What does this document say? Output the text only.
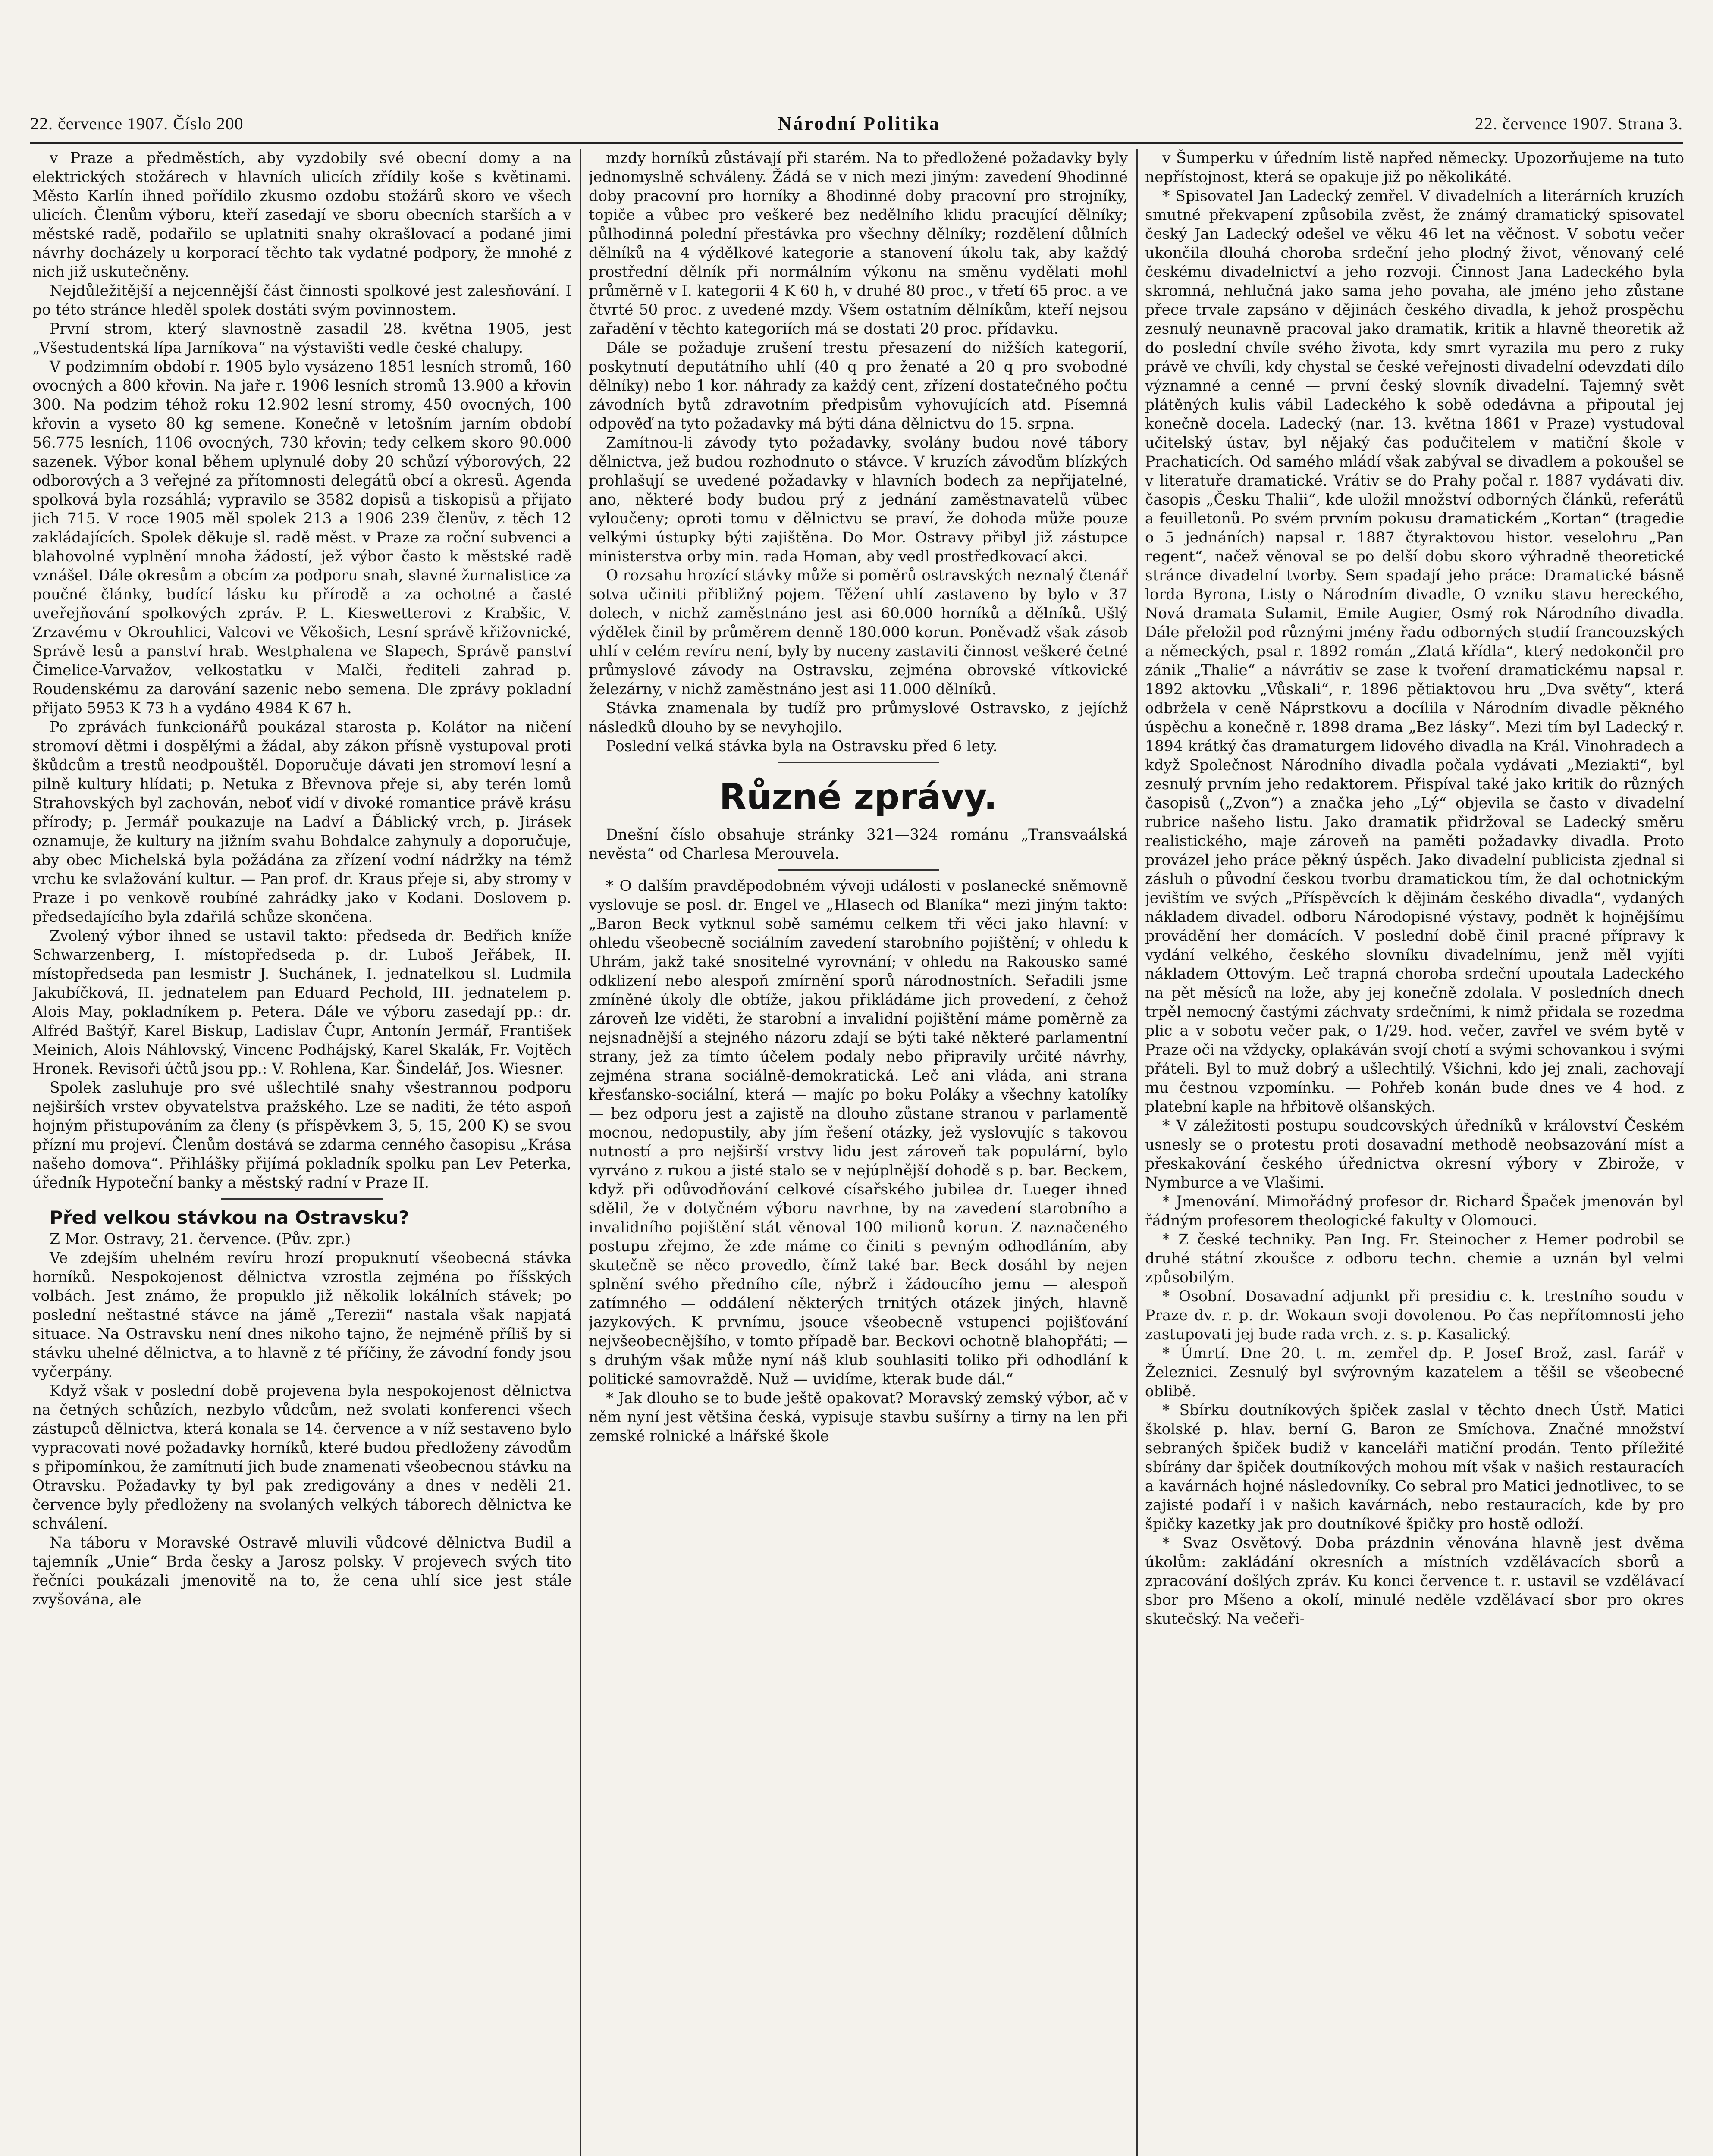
22. července 1907. Číslo 200	Národní Politika	22. července 1907. Strana 3.

v Praze a předměstích, aby vyzdobily své obecní domy a na elektrických stožárech v hlavních ulicích zřídily koše s květinami. Město Karlín ihned pořídilo zkusmo ozdobu stožárů skoro ve všech ulicích. Členům výboru, kteří zasedají ve sboru obecních starších a v městské radě, podařilo se uplatniti snahy okrašlovací a podané jimi návrhy docházely u korporací těchto tak vydatné podpory, že mnohé z nich již uskutečněny.

Nejdůležitější a nejcennější část činnosti spolkové jest zalesňování. I po této stránce hleděl spolek dostáti svým povinnostem.

První strom, který slavnostně zasadil 28. května 1905, jest „Všestudentská lípa Jarníkova“ na výstavišti vedle české chalupy.

V podzimním období r. 1905 bylo vysázeno 1851 lesních stromů, 160 ovocných a 800 křovin. Na jaře r. 1906 lesních stromů 13.900 a křovin 300. Na podzim téhož roku 12.902 lesní stromy, 450 ovocných, 100 křovin a vyseto 80 kg semene. Konečně v letošním jarním období 56.775 lesních, 1106 ovocných, 730 křovin; tedy celkem skoro 90.000 sazenek. Výbor konal během uplynulé doby 20 schůzí výborových, 22 odborových a 3 veřejné za přítomnosti delegátů obcí a okresů. Agenda spolková byla rozsáhlá; vypravilo se 3582 dopisů a tiskopisů a přijato jich 715. V roce 1905 měl spolek 213 a 1906 239 členův, z těch 12 zakládajících. Spolek děkuje sl. radě měst. v Praze za roční subvenci a blahovolné vyplnění mnoha žádostí, jež výbor často k městské radě vznášel. Dále okresům a obcím za podporu snah, slavné žurnalistice za poučné články, budící lásku ku přírodě a za ochotné a časté uveřejňování spolkových zpráv. P. L. Kieswetterovi z Krabšic, V. Zrzavému v Okrouhlici, Valcovi ve Věkošich, Lesní správě křižovnické, Správě lesů a panství hrab. Westphalena ve Slapech, Správě panství Čimelice-Varvažov, velkostatku v Malči, řediteli zahrad p. Roudenskému za darování sazenic nebo semena. Dle zprávy pokladní přijato 5953 K 73 h a vydáno 4984 K 67 h.

Po zprávách funkcionářů poukázal starosta p. Kolátor na ničení stromoví dětmi i dospělými a žádal, aby zákon přísně vystupoval proti škůdcům a trestů neodpouštěl. Doporučuje dávati jen stromoví lesní a pilně kultury hlídati; p. Netuka z Břevnova přeje si, aby terén lomů Strahovských byl zachován, neboť vidí v divoké romantice právě krásu přírody; p. Jermář poukazuje na Ladví a Ďáblický vrch, p. Jirásek oznamuje, že kultury na jižním svahu Bohdalce zahynuly a doporučuje, aby obec Michelská byla požádána za zřízení vodní nádržky na témž vrchu ke svlažování kultur. — Pan prof. dr. Kraus přeje si, aby stromy v Praze i po venkově roubíné zahrádky jako v Kodani. Doslovem p. předsedajícího byla zdařilá schůze skončena.

Zvolený výbor ihned se ustavil takto: předseda dr. Bedřich kníže Schwarzenberg, I. místopředseda p. dr. Luboš Jeřábek, II. místopředseda pan lesmistr J. Suchánek, I. jednatelkou sl. Ludmila Jakubíčková, II. jednatelem pan Eduard Pechold, III. jednatelem p. Alois May, pokladníkem p. Petera. Dále ve výboru zasedají pp.: dr. Alfréd Baštýř, Karel Biskup, Ladislav Čupr, Antonín Jermář, František Meinich, Alois Náhlovský, Vincenc Podhájský, Karel Skalák, Fr. Vojtěch Hronek. Revisoři účtů jsou pp.: V. Rohlena, Kar. Šindelář, Jos. Wiesner.

Spolek zasluhuje pro své ušlechtilé snahy všestrannou podporu nejširších vrstev obyvatelstva pražského. Lze se naditi, že této aspoň hojným přistupováním za členy (s příspěvkem 3, 5, 15, 200 K) se svou přízní mu projeví. Členům dostává se zdarma cenného časopisu „Krása našeho domova“. Přihlášky přijímá pokladník spolku pan Lev Peterka, úředník Hypoteční banky a městský radní v Praze II.

Před velkou stávkou na Ostravsku?

Z Mor. Ostravy, 21. července. (Pův. zpr.)

Ve zdejším uhelném revíru hrozí propuknutí všeobecná stávka horníků. Nespokojenost dělnictva vzrostla zejména po říšských volbách. Jest známo, že propuklo již několik lokálních stávek; po poslední neštastné stávce na jámě „Terezii“ nastala však napjatá situace. Na Ostravsku není dnes nikoho tajno, že nejméně příliš by si stávku uhelné dělnictva, a to hlavně z té příčiny, že závodní fondy jsou vyčerpány.

Když však v poslední době projevena byla nespokojenost dělnictva na četných schůzích, nezbylo vůdcům, než svolati konferenci všech zástupců dělnictva, která konala se 14. července a v níž sestaveno bylo vypracovati nové požadavky horníků, které budou předloženy závodům s připomínkou, že zamítnutí jich bude znamenati všeobecnou stávku na Otravsku. Požadavky ty byl pak zredigovány a dnes v neděli 21. července byly předloženy na svolaných velkých táborech dělnictva ke schválení.

Na táboru v Moravské Ostravě mluvili vůdcové dělnictva Budil a tajemník „Unie“ Brda česky a Jarosz polsky. V projevech svých tito řečníci poukázali jmenovitě na to, že cena uhlí sice jest stále zvyšována, ale

mzdy horníků zůstávají při starém. Na to předložené požadavky byly jednomyslně schváleny. Žádá se v nich mezi jiným: zavedení 9hodinné doby pracovní pro horníky a 8hodinné doby pracovní pro strojníky, topiče a vůbec pro veškeré bez nedělního klidu pracující dělníky; půlhodinná polední přestávka pro všechny dělníky; rozdělení důlních dělníků na 4 výdělkové kategorie a stanovení úkolu tak, aby každý prostřední dělník při normálním výkonu na směnu vydělati mohl průměrně v I. kategorii 4 K 60 h, v druhé 80 proc., v třetí 65 proc. a ve čtvrté 50 proc. z uvedené mzdy. Všem ostatním dělníkům, kteří nejsou zařadění v těchto kategoriích má se dostati 20 proc. přídavku.

Dále se požaduje zrušení trestu přesazení do nižších kategorií, poskytnutí deputátního uhlí (40 q pro ženaté a 20 q pro svobodné dělníky) nebo 1 kor. náhrady za každý cent, zřízení dostatečného počtu závodních bytů zdravotním předpisům vyhovujících atd. Písemná odpověď na tyto požadavky má býti dána dělnictvu do 15. srpna.

Zamítnou-li závody tyto požadavky, svolány budou nové tábory dělnictva, jež budou rozhodnuto o stávce. V kruzích závodům blízkých prohlašují se uvedené požadavky v hlavních bodech za nepřijatelné, ano, některé body budou prý z jednání zaměstnavatelů vůbec vyloučeny; oproti tomu v dělnictvu se praví, že dohoda může pouze velkými ústupky býti zajištěna. Do Mor. Ostravy přibyl již zástupce ministerstva orby min. rada Homan, aby vedl prostředkovací akci.

O rozsahu hrozící stávky může si poměrů ostravských neznalý čtenář sotva učiniti přibližný pojem. Těžení uhlí zastaveno by bylo v 37 dolech, v nichž zaměstnáno jest asi 60.000 horníků a dělníků. Ušlý výdělek činil by průměrem denně 180.000 korun. Poněvadž však zásob uhlí v celém revíru není, byly by nuceny zastaviti činnost veškeré četné průmyslové závody na Ostravsku, zejména obrovské vítkovické železárny, v nichž zaměstnáno jest asi 11.000 dělníků.

Stávka znamenala by tudíž pro průmyslové Ostravsko, z jejíchž následků dlouho by se nevyhojilo.

Poslední velká stávka byla na Ostravsku před 6 lety.

Různé zprávy.

Dnešní číslo obsahuje stránky 321—324 románu „Transvaálská nevěsta“ od Charlesa Merouvela.

* O dalším pravděpodobném vývoji události v poslanecké sněmovně vyslovuje se posl. dr. Engel ve „Hlasech od Blaníka“ mezi jiným takto: „Baron Beck vytknul sobě samému celkem tři věci jako hlavní: v ohledu všeobecně sociálním zavedení starobního pojištění; v ohledu k Uhrám, jakž také snositelné vyrovnání; v ohledu na Rakousko samé odklizení nebo alespoň zmírnění sporů národnostních. Seřadili jsme zmíněné úkoly dle obtíže, jakou přikládáme jich provedení, z čehož zároveň lze viděti, že starobní a invalidní pojištění máme poměrně za nejsnadnější a stejného názoru zdají se býti také některé parlamentní strany, jež za tímto účelem podaly nebo připravily určité návrhy, zejména strana sociálně-demokratická. Leč ani vláda, ani strana křesťansko-sociální, která — majíc po boku Poláky a všechny katolíky — bez odporu jest a zajistě na dlouho zůstane stranou v parlamentě mocnou, nedopustily, aby jím řešení otázky, jež vyslovujíc s takovou nutností a pro nejširší vrstvy lidu jest zároveň tak populární, bylo vyrváno z rukou a jisté stalo se v nejúplnější dohodě s p. bar. Beckem, když při odůvodňování celkové císařského jubilea dr. Lueger ihned sdělil, že v dotyčném výboru navrhne, by na zavedení starobního a invalidního pojištění stát věnoval 100 milionů korun. Z naznačeného postupu zřejmo, že zde máme co činiti s pevným odhodláním, aby skutečně se něco provedlo, čímž také bar. Beck dosáhl by nejen splnění svého předního cíle, nýbrž i žádoucího jemu — alespoň zatímného — oddálení některých trnitých otázek jiných, hlavně jazykových. K prvnímu, jsouce všeobecně vstupenci pojišťování nejvšeobecnějšího, v tomto případě bar. Beckovi ochotně blahopřáti; — s druhým však může nyní náš klub souhlasiti toliko při odhodlání k politické samovraždě. Nuž — uvidíme, kterak bude dál.“

* Jak dlouho se to bude ještě opakovat? Moravský zemský výbor, ač v něm nyní jest většina česká, vypisuje stavbu sušírny a tirny na len při zemské rolnické a lnářské škole

v Šumperku v úředním listě napřed německy. Upozorňujeme na tuto nepřístojnost, která se opakuje již po několikáté.

* Spisovatel Jan Ladecký zemřel. V divadelních a literárních kruzích smutné překvapení způsobila zvěst, že známý dramatický spisovatel český Jan Ladecký odešel ve věku 46 let na věčnost. V sobotu večer ukončila dlouhá choroba srdeční jeho plodný život, věnovaný celé českému divadelnictví a jeho rozvoji. Činnost Jana Ladeckého byla skromná, nehlučná jako sama jeho povaha, ale jméno jeho zůstane přece trvale zapsáno v dějinách českého divadla, k jehož prospěchu zesnulý neunavně pracoval jako dramatik, kritik a hlavně theoretik až do poslední chvíle svého života, kdy smrt vyrazila mu pero z ruky právě ve chvíli, kdy chystal se české veřejnosti divadelní odevzdati dílo významné a cenné — první český slovník divadelní. Tajemný svět plátěných kulis vábil Ladeckého k sobě odedávna a připoutal jej konečně docela. Ladecký (nar. 13. května 1861 v Praze) vystudoval učitelský ústav, byl nějaký čas podučitelem v matiční škole v Prachaticích. Od samého mládí však zabýval se divadlem a pokoušel se v literatuře dramatické. Vrátiv se do Prahy počal r. 1887 vydávati div. časopis „Česku Thalii“, kde uložil množství odborných článků, referátů a feuilletonů. Po svém prvním pokusu dramatickém „Kortan“ (tragedie o 5 jednáních) napsal r. 1887 čtyraktovou histor. veselohru „Pan regent“, načež věnoval se po delší dobu skoro výhradně theoretické stránce divadelní tvorby. Sem spadají jeho práce: Dramatické básně lorda Byrona, Listy o Národním divadle, O vzniku stavu hereckého, Nová dramata Sulamit, Emile Augier, Osmý rok Národního divadla. Dále přeložil pod různými jmény řadu odborných studií francouzských a německých, psal r. 1892 román „Zlatá křídla“, který nedokončil pro zánik „Thalie“ a návrátiv se zase k tvoření dramatickému napsal r. 1892 aktovku „Vůskali“, r. 1896 pětiaktovou hru „Dva světy“, která odbržela v ceně Náprstkovu a docílila v Národním divadle pěkného úspěchu a konečně r. 1898 drama „Bez lásky“. Mezi tím byl Ladecký r. 1894 krátký čas dramaturgem lidového divadla na Král. Vinohradech a když Společnost Národního divadla počala vydávati „Meziakti“, byl zesnulý prvním jeho redaktorem. Přispíval také jako kritik do různých časopisů („Zvon“) a značka jeho „Lý“ objevila se často v divadelní rubrice našeho listu. Jako dramatik přidržoval se Ladecký směru realistického, maje zároveň na paměti požadavky divadla. Proto provázel jeho práce pěkný úspěch. Jako divadelní publicista zjednal si zásluh o původní českou tvorbu dramatickou tím, že dal ochotnickým jevištím ve svých „Příspěvcích k dějinám českého divadla“, vydaných nákladem divadel. odboru Národopisné výstavy, podnět k hojnějšímu provádění her domácích. V poslední době činil pracné přípravy k vydání velkého, českého slovníku divadelnímu, jenž měl vyjíti nákladem Ottovým. Leč trapná choroba srdeční upoutala Ladeckého na pět měsíců na lože, aby jej konečně zdolala. V posledních dnech trpěl nemocný častými záchvaty srdečními, k nimž přidala se rozedma plic a v sobotu večer pak, o 1/29. hod. večer, zavřel ve svém bytě v Praze oči na vždycky, oplakáván svojí chotí a svými schovankou i svými přáteli. Byl to muž dobrý a ušlechtilý. Všichni, kdo jej znali, zachovají mu čestnou vzpomínku. — Pohřeb konán bude dnes ve 4 hod. z platební kaple na hřbitově olšanských.

* V záležitosti postupu soudcovských úředníků v království Českém usnesly se o protestu proti dosavadní methodě neobsazování míst a přeskakování českého úřednictva okresní výbory v Zbirože, v Nymburce a ve Vlašimi.

* Jmenování. Mimořádný profesor dr. Richard Špaček jmenován byl řádným profesorem theologické fakulty v Olomouci.

* Z české techniky. Pan Ing. Fr. Steinocher z Hemer podrobil se druhé státní zkoušce z odboru techn. chemie a uznán byl velmi způsobilým.

* Osobní. Dosavadní adjunkt při presidiu c. k. trestního soudu v Praze dv. r. p. dr. Wokaun svoji dovolenou. Po čas nepřítomnosti jeho zastupovati jej bude rada vrch. z. s. p. Kasalický.

* Úmrtí. Dne 20. t. m. zemřel dp. P. Josef Brož, zasl. farář v Železnici. Zesnulý byl svýrovným kazatelem a těšil se všeobecné oblibě.

* Sbírku doutníkových špiček zaslal v těchto dnech Ústř. Matici školské p. hlav. berní G. Baron ze Smíchova. Značné množství sebraných špiček budiž v kanceláři matiční prodán. Tento příležité sbírány dar špiček doutníkových mohou mít však v našich restauracích a kavárnách hojné následovníky. Co sebral pro Matici jednotlivec, to se zajisté podaří i v našich kavárnách, nebo restauracích, kde by pro špičky kazetky jak pro doutníkové špičky pro hostě odloží.

* Svaz Osvětový. Doba prázdnin věnována hlavně jest dvěma úkolům: zakládání okresních a místních vzdělávacích sborů a zpracování došlých zpráv. Ku konci července t. r. ustavil se vzdělávací sbor pro Mšeno a okolí, minulé neděle vzdělávací sbor pro okres skutečský. Na večeři-
